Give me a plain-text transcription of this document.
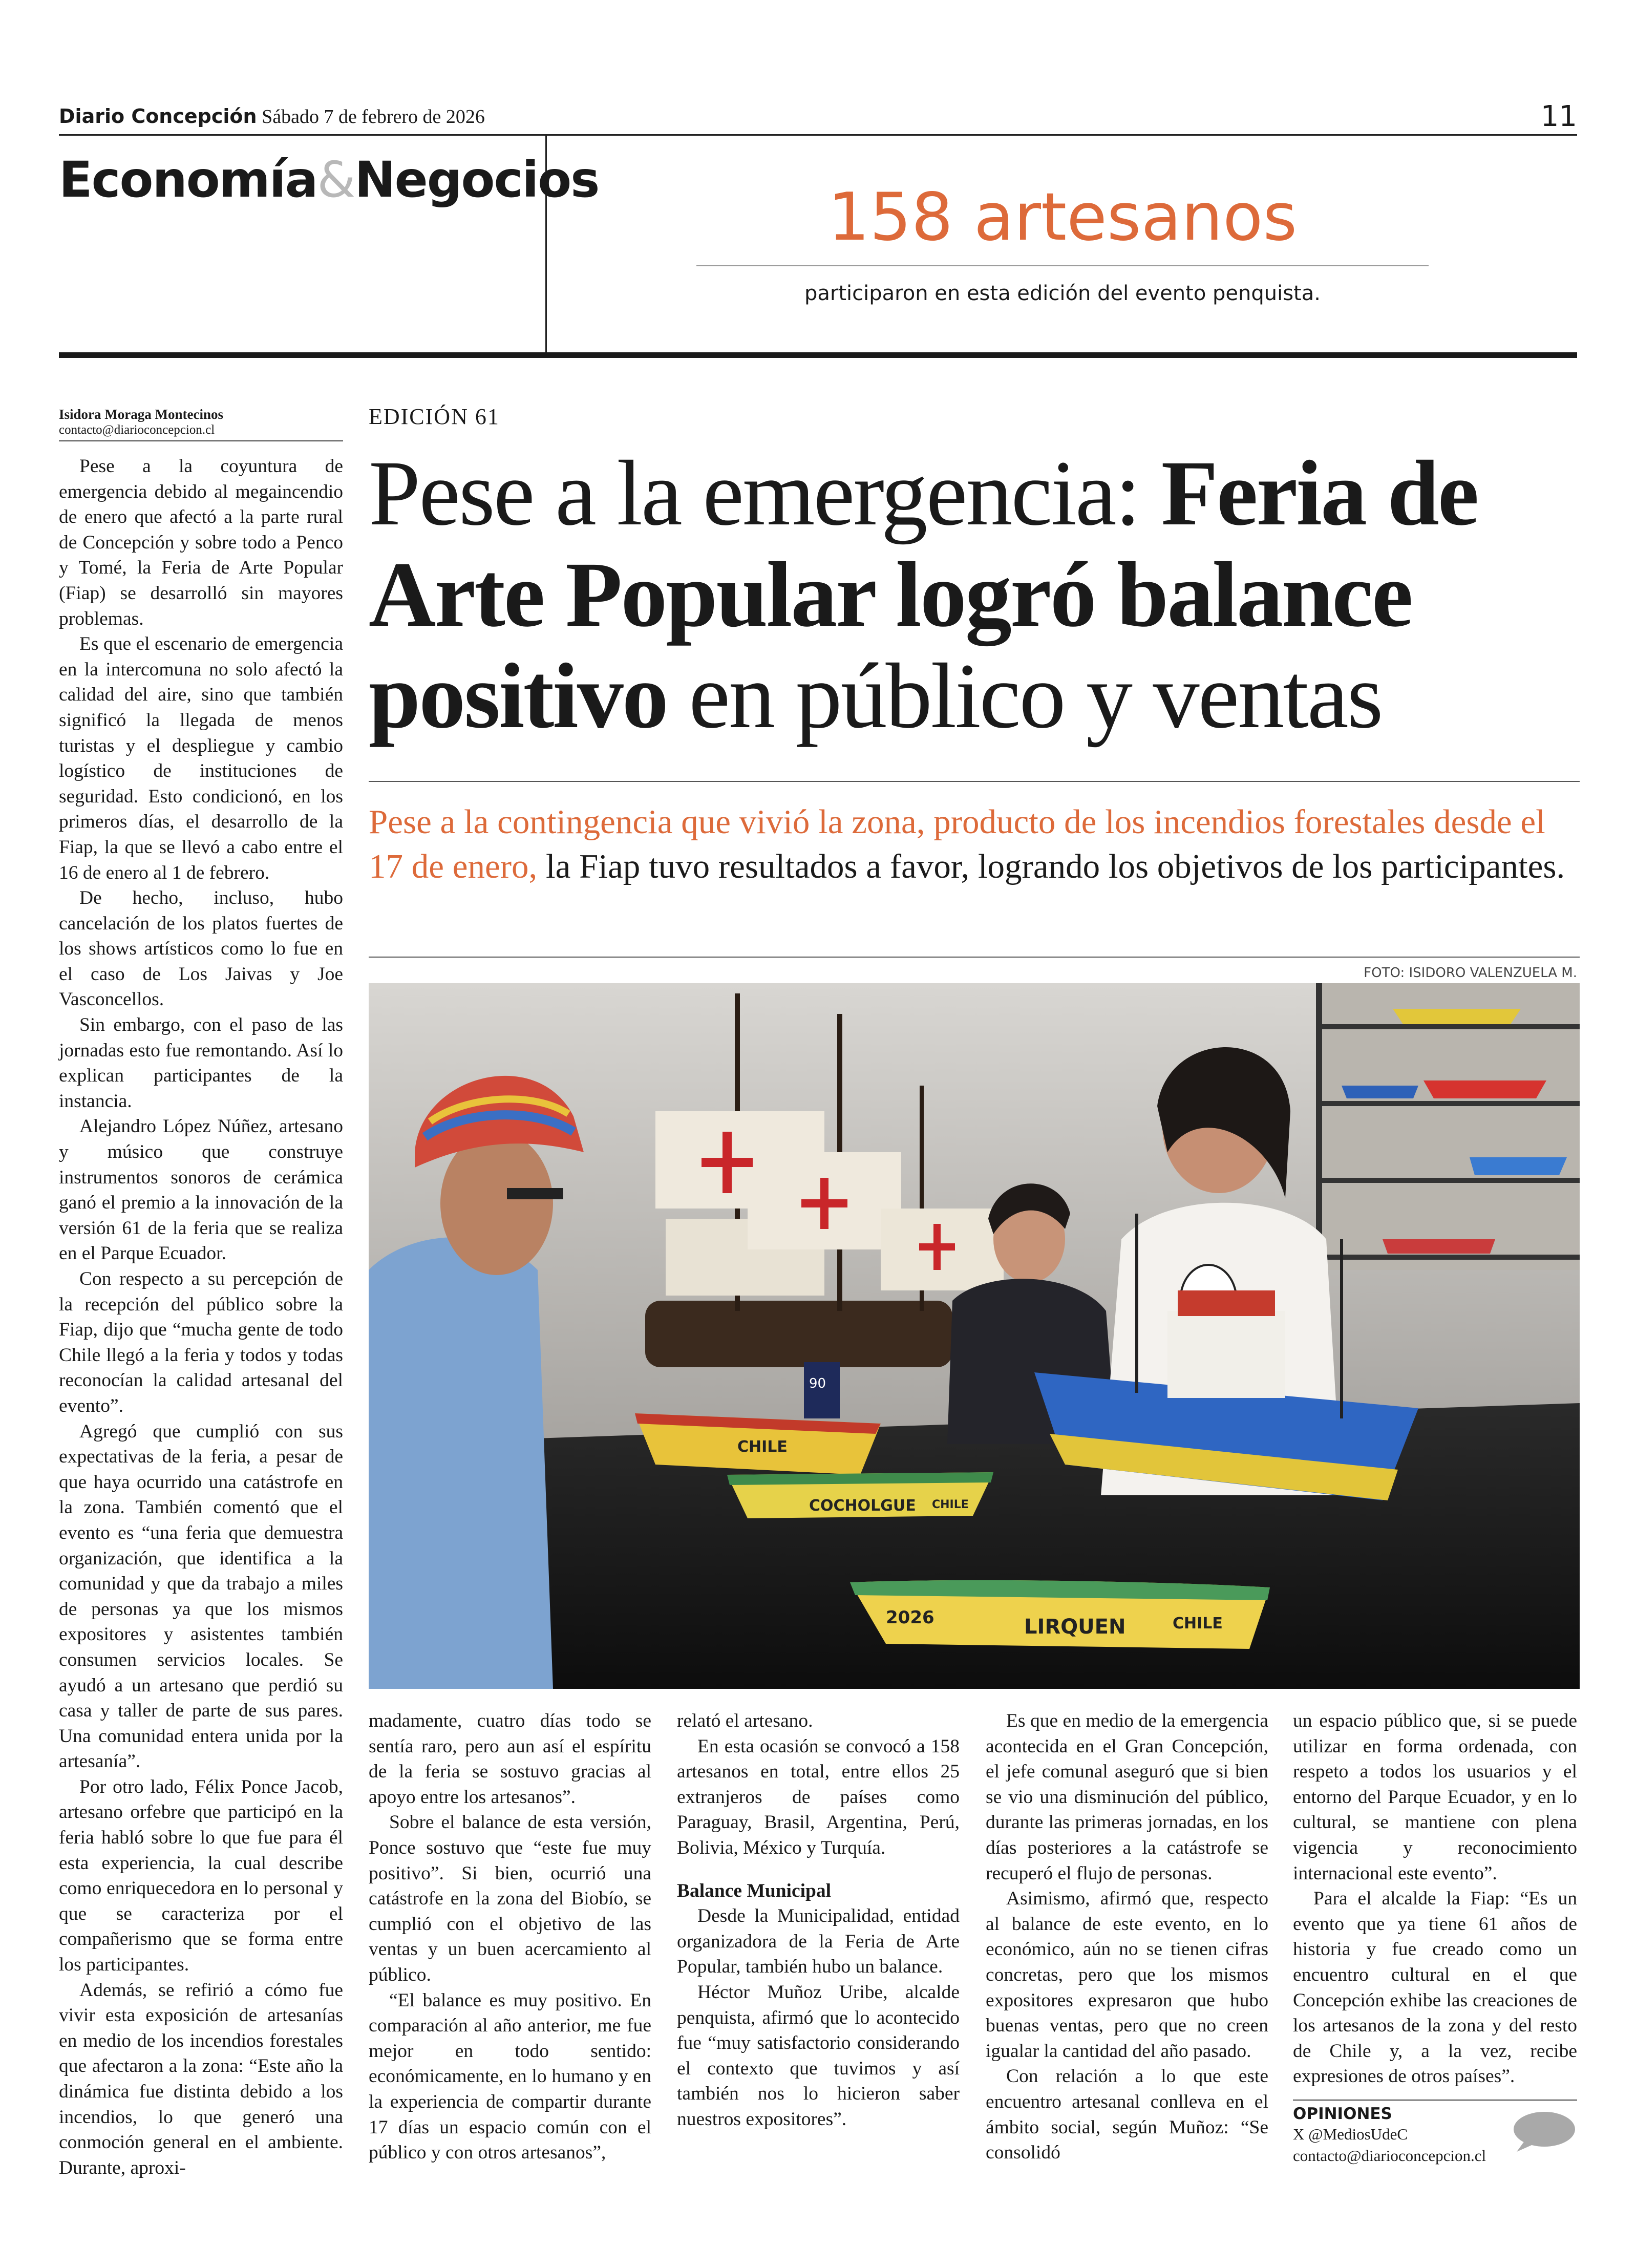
Diario Concepción Sábado 7 de febrero de 2026	11
Economía&Negocios	158 artesanos
participaron en esta edición del evento penquista.
Isidora Moraga Montecinos
contacto@diarioconcepcion.cl
EDICIÓN 61
Pese a la emergencia: Feria de Arte Popular logró balance positivo en público y ventas
Pese a la contingencia que vivió la zona, producto de los incendios forestales desde el 17 de enero, la Fiap tuvo resultados a favor, logrando los objetivos de los participantes.
FOTO: ISIDORO VALENZUELA M.
CHILE
90
COCHOLGUE CHILE
2026	LIRQUEN	CHILE

Pese a la coyuntura de emergencia debido al megaincendio de enero que afectó a la parte rural de Concepción y sobre todo a Penco y Tomé, la Feria de Arte Popular (Fiap) se desarrolló sin mayores problemas.

Es que el escenario de emergencia en la intercomuna no solo afectó la calidad del aire, sino que también significó la llegada de menos turistas y el despliegue y cambio logístico de instituciones de seguridad. Esto condicionó, en los primeros días, el desarrollo de la Fiap, la que se llevó a cabo entre el 16 de enero al 1 de febrero.

De hecho, incluso, hubo cancelación de los platos fuertes de los shows artísticos como lo fue en el caso de Los Jaivas y Joe Vasconcellos.

Sin embargo, con el paso de las jornadas esto fue remontando. Así lo explican participantes de la instancia.

Alejandro López Núñez, artesano y músico que construye instrumentos sonoros de cerámica ganó el premio a la innovación de la versión 61 de la feria que se realiza en el Parque Ecuador.

Con respecto a su percepción de la recepción del público sobre la Fiap, dijo que “mucha gente de todo Chile llegó a la feria y todos y todas reconocían la calidad artesanal del evento”.

Agregó que cumplió con sus expectativas de la feria, a pesar de que haya ocurrido una catástrofe en la zona. También comentó que el evento es “una feria que demuestra organización, que identifica a la comunidad y que da trabajo a miles de personas ya que los mismos expositores y asistentes también consumen servicios locales. Se ayudó a un artesano que perdió su casa y taller de parte de sus pares. Una comunidad entera unida por la artesanía”.

Por otro lado, Félix Ponce Jacob, artesano orfebre que participó en la feria habló sobre lo que fue para él esta experiencia, la cual describe como enriquecedora en lo personal y que se caracteriza por el compañerismo que se forma entre los participantes.

Además, se refirió a cómo fue vivir esta exposición de artesanías en medio de los incendios forestales que afectaron a la zona: “Este año la dinámica fue distinta debido a los incendios, lo que generó una conmoción general en el ambiente. Durante, aproxi-

madamente, cuatro días todo se sentía raro, pero aun así el espíritu de la feria se sostuvo gracias al apoyo entre los artesanos”.

Sobre el balance de esta versión, Ponce sostuvo que “este fue muy positivo”. Si bien, ocurrió una catástrofe en la zona del Biobío, se cumplió con el objetivo de las ventas y un buen acercamiento al público.

“El balance es muy positivo. En comparación al año anterior, me fue mejor en todo sentido: económicamente, en lo humano y en la experiencia de compartir durante 17 días un espacio común con el público y con otros artesanos”,

relató el artesano.

En esta ocasión se convocó a 158 artesanos en total, entre ellos 25 extranjeros de países como Paraguay, Brasil, Argentina, Perú, Bolivia, México y Turquía.

Balance Municipal

Desde la Municipalidad, entidad organizadora de la Feria de Arte Popular, también hubo un balance.

Héctor Muñoz Uribe, alcalde penquista, afirmó que lo acontecido fue “muy satisfactorio considerando el contexto que tuvimos y así también nos lo hicieron saber nuestros expositores”.

Es que en medio de la emergencia acontecida en el Gran Concepción, el jefe comunal aseguró que si bien se vio una disminución del público, durante las primeras jornadas, en los días posteriores a la catástrofe se recuperó el flujo de personas.

Asimismo, afirmó que, respecto al balance de este evento, en lo económico, aún no se tienen cifras concretas, pero que los mismos expositores expresaron que hubo buenas ventas, pero que no creen igualar la cantidad del año pasado.

Con relación a lo que este encuentro artesanal conlleva en el ámbito social, según Muñoz: “Se consolidó

un espacio público que, si se puede utilizar en forma ordenada, con respeto a todos los usuarios y el entorno del Parque Ecuador, y en lo cultural, se mantiene con plena vigencia y reconocimiento internacional este evento”.

Para el alcalde la Fiap: “Es un evento que ya tiene 61 años de historia y fue creado como un encuentro cultural en el que Concepción exhibe las creaciones de los artesanos de la zona y del resto de Chile y, a la vez, recibe expresiones de otros países”.

OPINIONES
X @MediosUdeC
contacto@diarioconcepcion.cl
